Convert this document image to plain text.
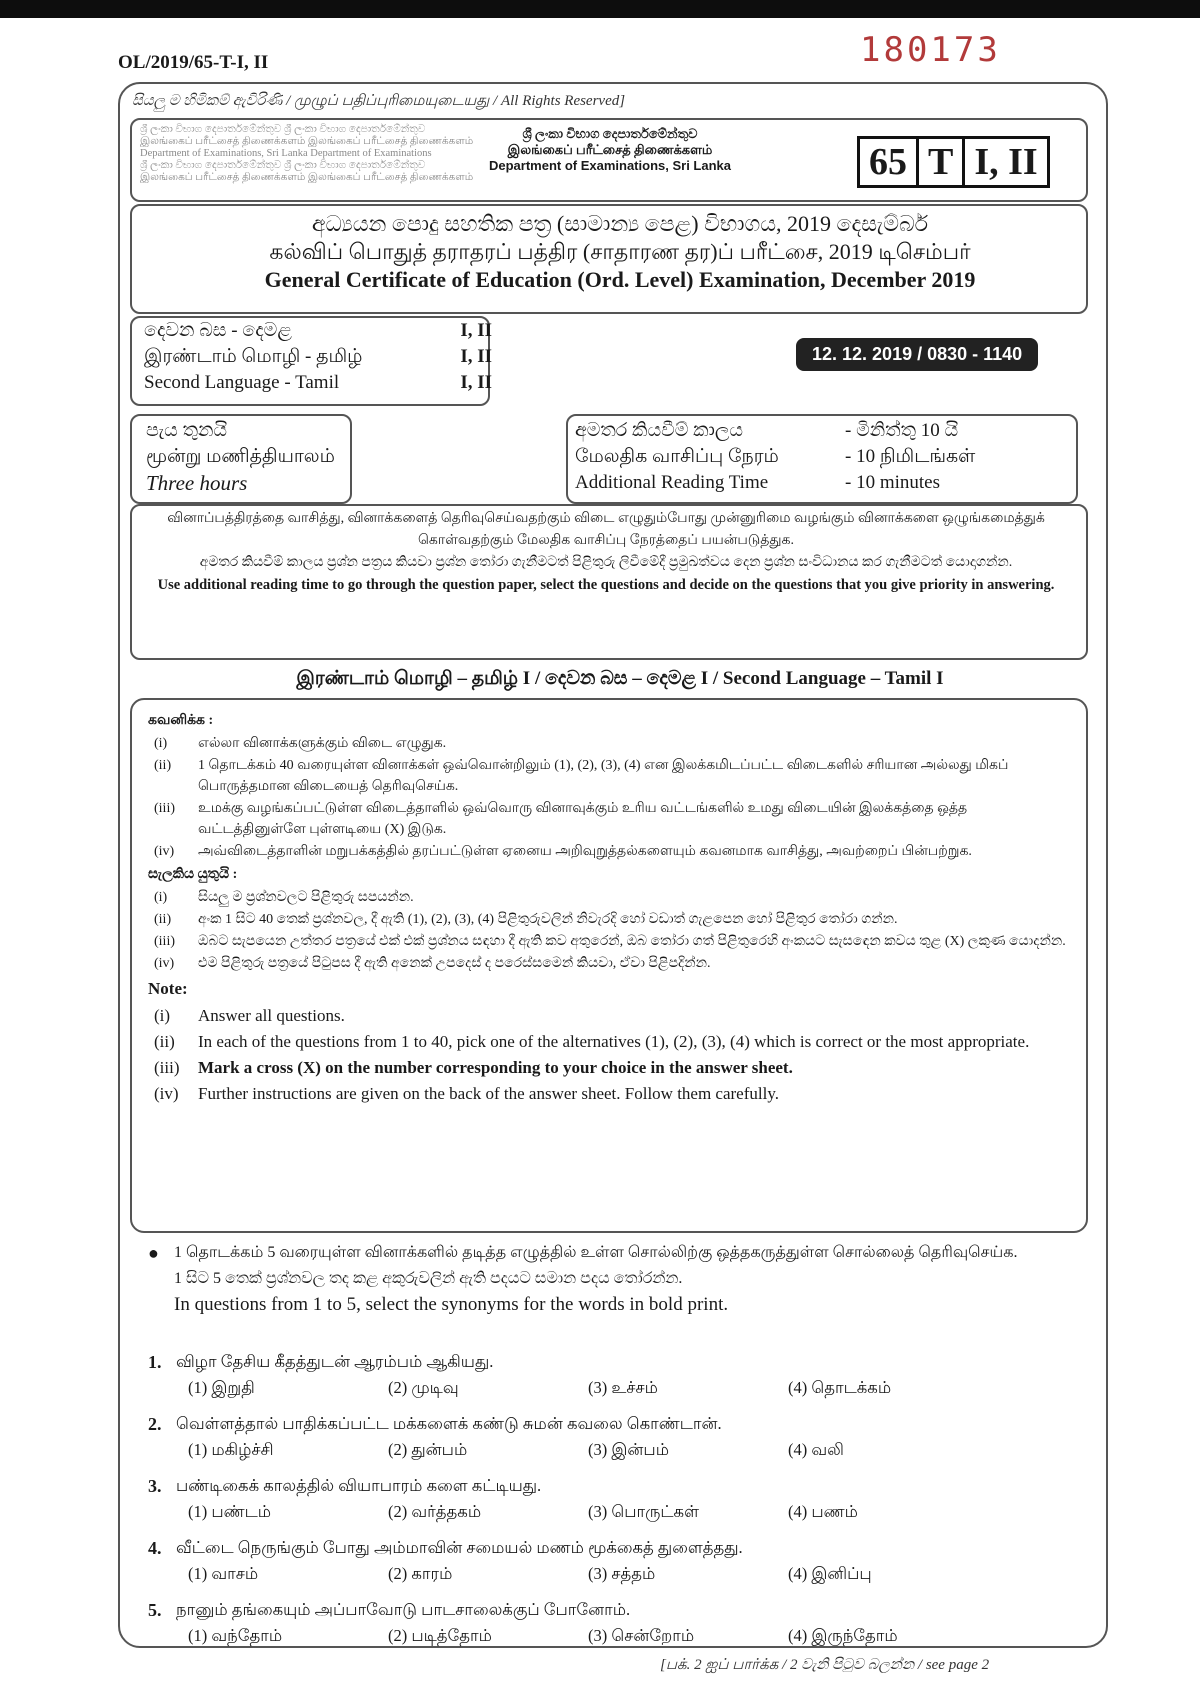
OL/2019/65-T-I, II	180173
සියලු ම හිමිකම් ඇවිරිණි / முழுப் பதிப்புரிமையுடையது / All Rights Reserved]
ශ්‍රී ලංකා විභාග දෙපාර්තමේන්තුව ශ්‍රී ලංකා විභාග දෙපාර්තමේන්තුව
இலங்கைப் பரீட்சைத் திணைக்களம் இலங்கைப் பரீட்சைத் திணைக்களம்
Department of Examinations, Sri Lanka Department of Examinations
ශ්‍රී ලංකා විභාග දෙපාර්තමේන්තුව ශ්‍රී ලංකා විභාග දෙපාර්තමේන්තුව
இலங்கைப் பரீட்சைத் திணைக்களம் இலங்கைப் பரீட்சைத் திணைக்களம்
ශ්‍රී ලංකා විභාග දෙපාර්තමේන්තුව
இலங்கைப் பரீட்சைத் திணைக்களம்
Department of Examinations, Sri Lanka	65 T I, II
අධ්‍යයන පොදු සහතික පත්‍ර (සාමාන්‍ය පෙළ) විභාගය, 2019 දෙසැම්බර්
கல்விப் பொதுத் தராதரப் பத்திர (சாதாரண தர)ப் பரீட்சை, 2019 டிசெம்பர்
General Certificate of Education (Ord. Level) Examination, December 2019
දෙවන බස - දෙමළ	I, II
இரண்டாம் மொழி - தமிழ்	I, II
Second Language - Tamil	I, II
12. 12. 2019 / 0830 - 1140
පැය තුනයි
மூன்று மணித்தியாலம்
Three hours
අමතර කියවීම් කාලය	- මිනිත්තු 10 යි
மேலதிக வாசிப்பு நேரம்	- 10 நிமிடங்கள்
Additional Reading Time	- 10 minutes
வினாப்பத்திரத்தை வாசித்து, வினாக்களைத் தெரிவுசெய்வதற்கும் விடை எழுதும்போது முன்னுரிமை வழங்கும் வினாக்களை ஒழுங்கமைத்துக் கொள்வதற்கும் மேலதிக வாசிப்பு நேரத்தைப் பயன்படுத்துக.
අමතර කියවීම් කාලය ප්‍රශ්න පත්‍රය කියවා ප්‍රශ්න තෝරා ගැනීමටත් පිළිතුරු ලිවීමේදී ප්‍රමුඛත්වය දෙන ප්‍රශ්න සංවිධානය කර ගැනීමටත් යොදාගන්න.
Use additional reading time to go through the question paper, select the questions and decide on the questions that you give priority in answering.
இரண்டாம் மொழி – தமிழ் I / දෙවන බස – දෙමළ I / Second Language – Tamil I
கவனிக்க :
(i)	எல்லா வினாக்களுக்கும் விடை எழுதுக.
(ii)	1 தொடக்கம் 40 வரையுள்ள வினாக்கள் ஒவ்வொன்றிலும் (1), (2), (3), (4) என இலக்கமிடப்பட்ட விடைகளில் சரியான அல்லது மிகப் பொருத்தமான விடையைத் தெரிவுசெய்க.
(iii)	உமக்கு வழங்கப்பட்டுள்ள விடைத்தாளில் ஒவ்வொரு வினாவுக்கும் உரிய வட்டங்களில் உமது விடையின் இலக்கத்தை ஒத்த வட்டத்தினுள்ளே புள்ளடியை (X) இடுக.
(iv)	அவ்விடைத்தாளின் மறுபக்கத்தில் தரப்பட்டுள்ள ஏனைய அறிவுறுத்தல்களையும் கவனமாக வாசித்து, அவற்றைப் பின்பற்றுக.
සැලකිය යුතුයි :
(i)	සියලු ම ප්‍රශ්නවලට පිළිතුරු සපයන්න.
(ii)	අංක 1 සිට 40 තෙක් ප්‍රශ්නවල, දී ඇති (1), (2), (3), (4) පිළිතුරුවලින් නිවැරදි හෝ වඩාත් ගැළපෙන හෝ පිළිතුර තෝරා ගන්න.
(iii)	ඔබට සැපයෙන උත්තර පත්‍රයේ එක් එක් ප්‍රශ්නය සඳහා දී ඇති කව අතුරෙන්, ඔබ තෝරා ගත් පිළිතුරෙහි අංකයට සැසඳෙන කවය තුළ (X) ලකුණ යොදන්න.
(iv)	එම පිළිතුරු පත්‍රයේ පිටුපස දී ඇති අනෙක් උපදෙස් ද පරෙස්සමෙන් කියවා, ඒවා පිළිපදින්න.
Note:
(i)	Answer all questions.
(ii)	In each of the questions from 1 to 40, pick one of the alternatives (1), (2), (3), (4) which is correct or the most appropriate.
(iii)	Mark a cross (X) on the number corresponding to your choice in the answer sheet.
(iv)	Further instructions are given on the back of the answer sheet. Follow them carefully.
● 1 தொடக்கம் 5 வரையுள்ள வினாக்களில் தடித்த எழுத்தில் உள்ள சொல்லிற்கு ஒத்தகருத்துள்ள சொல்லைத் தெரிவுசெய்க.
1 සිට 5 තෙක් ප්‍රශ්නවල තද කළ අකුරුවලින් ඇති පදයට සමාන පදය තෝරන්න.
In questions from 1 to 5, select the synonyms for the words in bold print.
1. விழா தேசிய கீதத்துடன் ஆரம்பம் ஆகியது.
(1) இறுதி	(2) முடிவு	(3) உச்சம்	(4) தொடக்கம்
2. வெள்ளத்தால் பாதிக்கப்பட்ட மக்களைக் கண்டு சுமன் கவலை கொண்டான்.
(1) மகிழ்ச்சி	(2) துன்பம்	(3) இன்பம்	(4) வலி
3. பண்டிகைக் காலத்தில் வியாபாரம் களை கட்டியது.
(1) பண்டம்	(2) வர்த்தகம்	(3) பொருட்கள்	(4) பணம்
4. வீட்டை நெருங்கும் போது அம்மாவின் சமையல் மணம் மூக்கைத் துளைத்தது.
(1) வாசம்	(2) காரம்	(3) சத்தம்	(4) இனிப்பு
5. நானும் தங்கையும் அப்பாவோடு பாடசாலைக்குப் போனோம்.
(1) வந்தோம்	(2) படித்தோம்	(3) சென்றோம்	(4) இருந்தோம்
[பக். 2 ஐப் பார்க்க / 2 වැනි පිටුව බලන්න / see page 2
